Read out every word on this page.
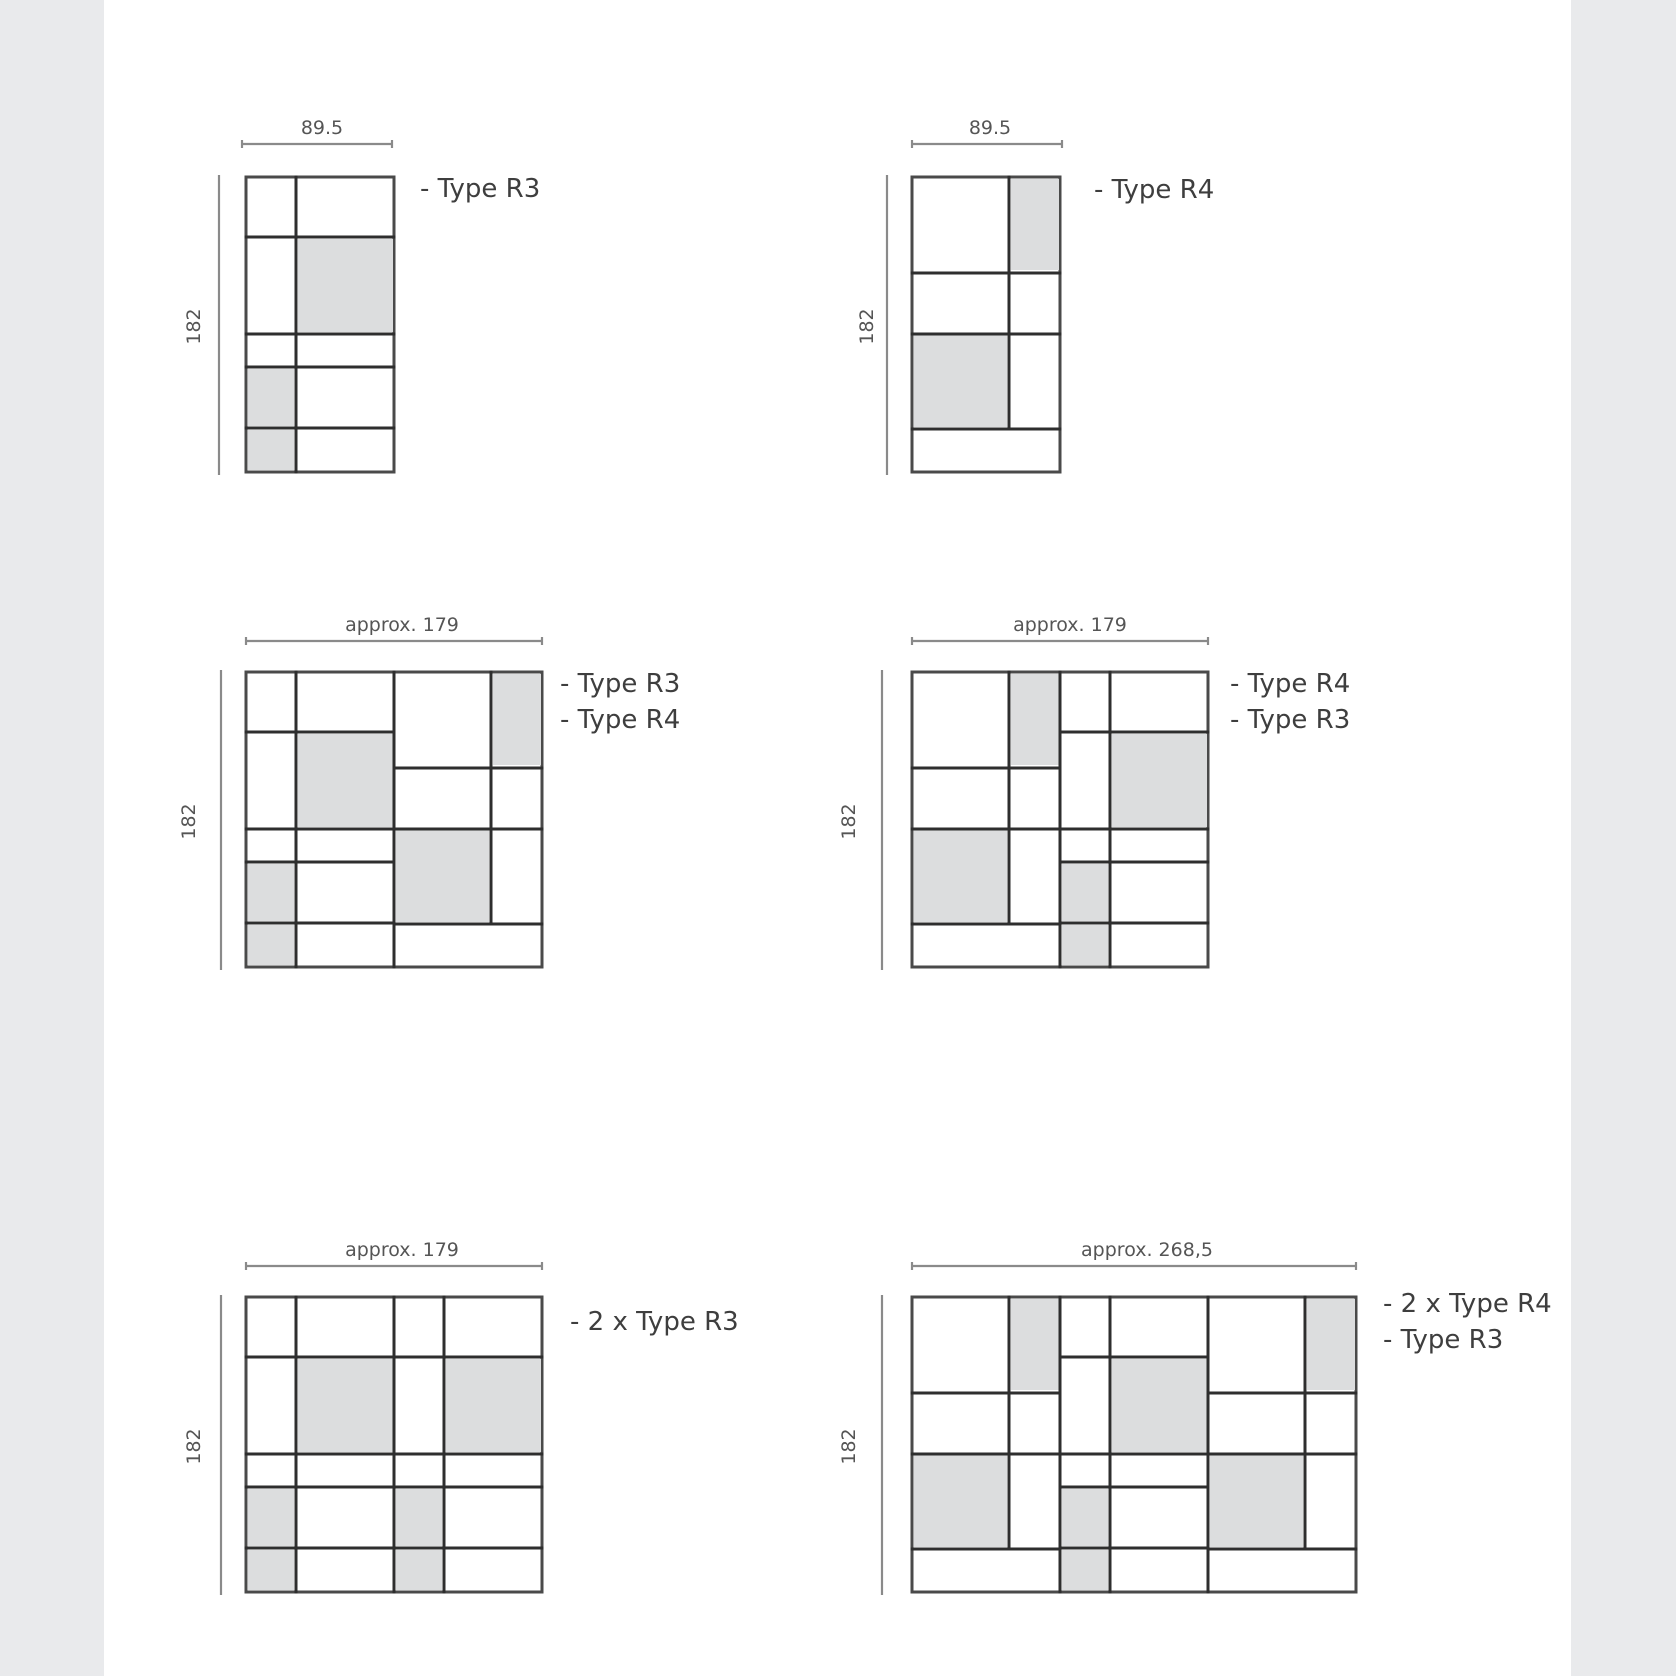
89.5
182
- Type R3
89.5
182
- Type R4
approx. 179
182
- Type R3
- Type R4
approx. 179
182
- Type R4
- Type R3
approx. 179
182
- 2 x Type R3
approx. 268,5
182
- 2 x Type R4
- Type R3
